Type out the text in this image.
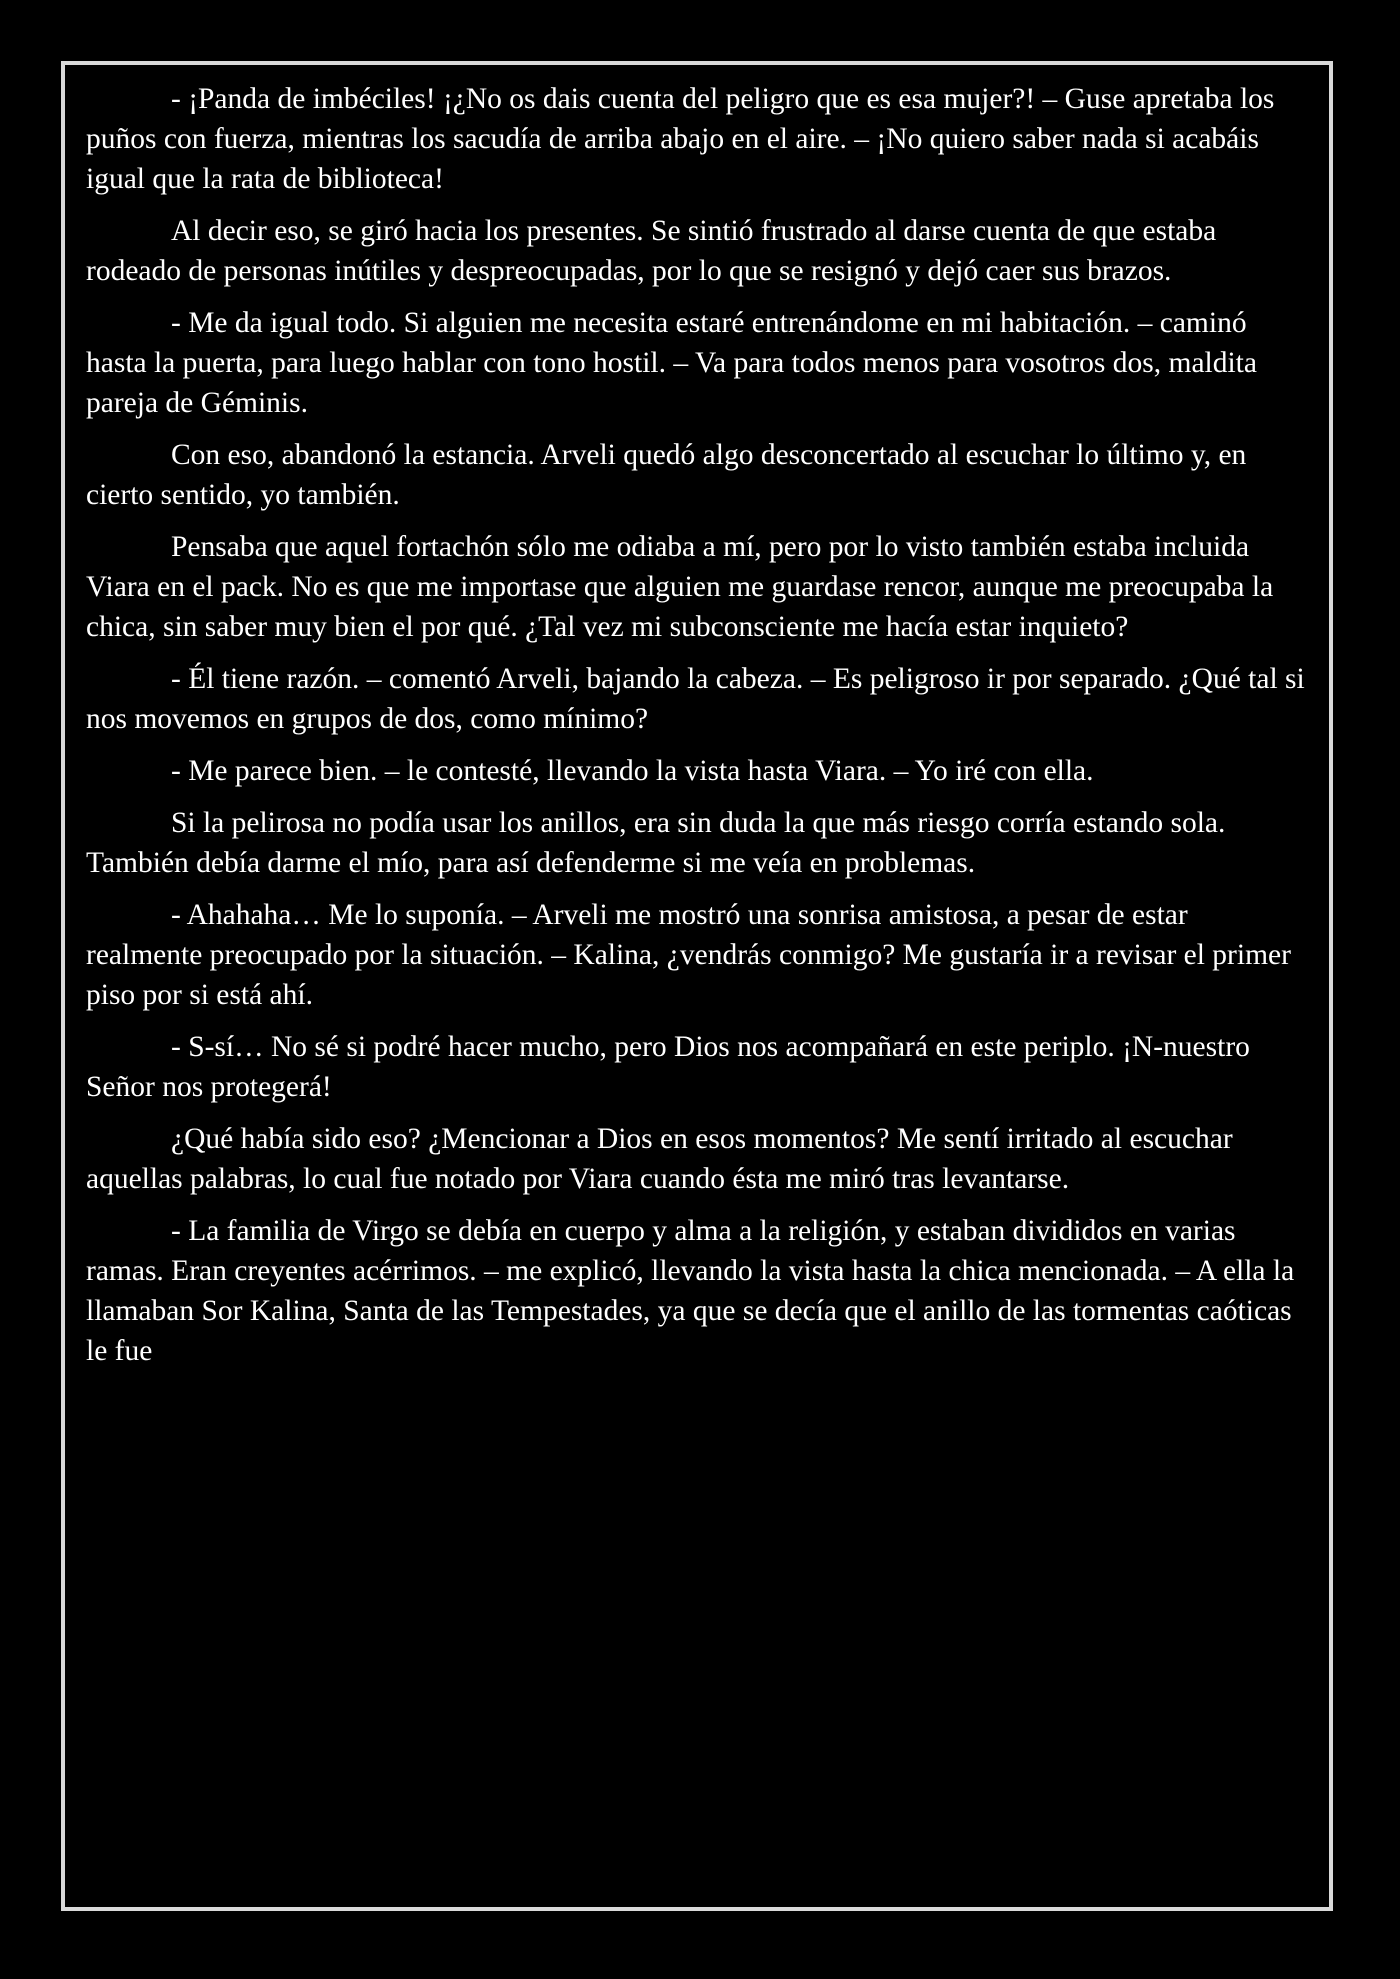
- ¡Panda de imbéciles! ¡¿No os dais cuenta del peligro que es esa mujer?! – Guse apretaba los puños con fuerza, mientras los sacudía de arriba abajo en el aire. – ¡No quiero saber nada si acabáis igual que la rata de biblioteca!

Al decir eso, se giró hacia los presentes. Se sintió frustrado al darse cuenta de que estaba rodeado de personas inútiles y despreocupadas, por lo que se resignó y dejó caer sus brazos.

- Me da igual todo. Si alguien me necesita estaré entrenándome en mi habitación. – caminó hasta la puerta, para luego hablar con tono hostil. – Va para todos menos para vosotros dos, maldita pareja de Géminis.

Con eso, abandonó la estancia. Arveli quedó algo desconcertado al escuchar lo último y, en cierto sentido, yo también.

Pensaba que aquel fortachón sólo me odiaba a mí, pero por lo visto también estaba incluida Viara en el pack. No es que me importase que alguien me guardase rencor, aunque me preocupaba la chica, sin saber muy bien el por qué. ¿Tal vez mi subconsciente me hacía estar inquieto?

- Él tiene razón. – comentó Arveli, bajando la cabeza. – Es peligroso ir por separado. ¿Qué tal si nos movemos en grupos de dos, como mínimo?

- Me parece bien. – le contesté, llevando la vista hasta Viara. – Yo iré con ella.

Si la pelirosa no podía usar los anillos, era sin duda la que más riesgo corría estando sola. También debía darme el mío, para así defenderme si me veía en problemas.

- Ahahaha… Me lo suponía. – Arveli me mostró una sonrisa amistosa, a pesar de estar realmente preocupado por la situación. – Kalina, ¿vendrás conmigo? Me gustaría ir a revisar el primer piso por si está ahí.

- S-sí… No sé si podré hacer mucho, pero Dios nos acompañará en este periplo. ¡N-nuestro Señor nos protegerá!

¿Qué había sido eso? ¿Mencionar a Dios en esos momentos? Me sentí irritado al escuchar aquellas palabras, lo cual fue notado por Viara cuando ésta me miró tras levantarse.

- La familia de Virgo se debía en cuerpo y alma a la religión, y estaban divididos en varias ramas. Eran creyentes acérrimos. – me explicó, llevando la vista hasta la chica mencionada. – A ella la llamaban Sor Kalina, Santa de las Tempestades, ya que se decía que el anillo de las tormentas caóticas le fue
